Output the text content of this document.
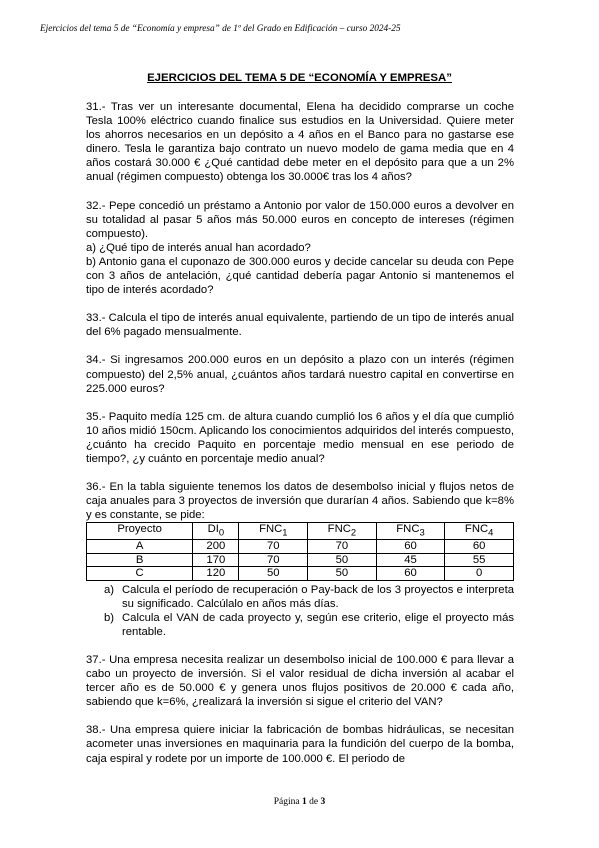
Ejercicios del tema 5 de “Economía y empresa” de 1º del Grado en Edificación – curso 2024-25
EJERCICIOS DEL TEMA 5 DE “ECONOMÍA Y EMPRESA”

31.- Tras ver un interesante documental, Elena ha decidido comprarse un coche Tesla 100% eléctrico cuando finalice sus estudios en la Universidad. Quiere meter los ahorros necesarios en un depósito a 4 años en el Banco para no gastarse ese dinero. Tesla le garantiza bajo contrato un nuevo modelo de gama media que en 4 años costará 30.000 € ¿Qué cantidad debe meter en el depósito para que a un 2% anual (régimen compuesto) obtenga los 30.000€ tras los 4 años?

32.- Pepe concedió un préstamo a Antonio por valor de 150.000 euros a devolver en su totalidad al pasar 5 años más 50.000 euros en concepto de intereses (régimen compuesto).
a) ¿Qué tipo de interés anual han acordado?
b) Antonio gana el cuponazo de 300.000 euros y decide cancelar su deuda con Pepe con 3 años de antelación, ¿qué cantidad debería pagar Antonio si mantenemos el tipo de interés acordado?

33.- Calcula el tipo de interés anual equivalente, partiendo de un tipo de interés anual del 6% pagado mensualmente.

34.- Si ingresamos 200.000 euros en un depósito a plazo con un interés (régimen compuesto) del 2,5% anual, ¿cuántos años tardará nuestro capital en convertirse en 225.000 euros?

35.- Paquito medía 125 cm. de altura cuando cumplió los 6 años y el día que cumplió 10 años midió 150cm. Aplicando los conocimientos adquiridos del interés compuesto, ¿cuánto ha crecido Paquito en porcentaje medio mensual en ese periodo de tiempo?, ¿y cuánto en porcentaje medio anual?

36.- En la tabla siguiente tenemos los datos de desembolso inicial y flujos netos de caja anuales para 3 proyectos de inversión que durarían 4 años. Sabiendo que k=8% y es constante, se pide:

Proyecto	$DI_0$	$FNC_1$	$FNC_2$	$FNC_3$	$FNC_4$
A	200	70	70	60	60
B	170	70	50	45	55
C	120	50	50	60	0
a) Calcula el período de recuperación o Pay-back de los 3 proyectos e interpreta su significado. Calcúlalo en años más días.
b) Calcula el VAN de cada proyecto y, según ese criterio, elige el proyecto más rentable.

37.- Una empresa necesita realizar un desembolso inicial de 100.000 € para llevar a cabo un proyecto de inversión. Si el valor residual de dicha inversión al acabar el tercer año es de 50.000 € y genera unos flujos positivos de 20.000 € cada año, sabiendo que k=6%, ¿realizará la inversión si sigue el criterio del VAN?

38.- Una empresa quiere iniciar la fabricación de bombas hidráulicas, se necesitan acometer unas inversiones en maquinaria para la fundición del cuerpo de la bomba, caja espiral y rodete por un importe de 100.000 €. El periodo de

Página 1 de 3
